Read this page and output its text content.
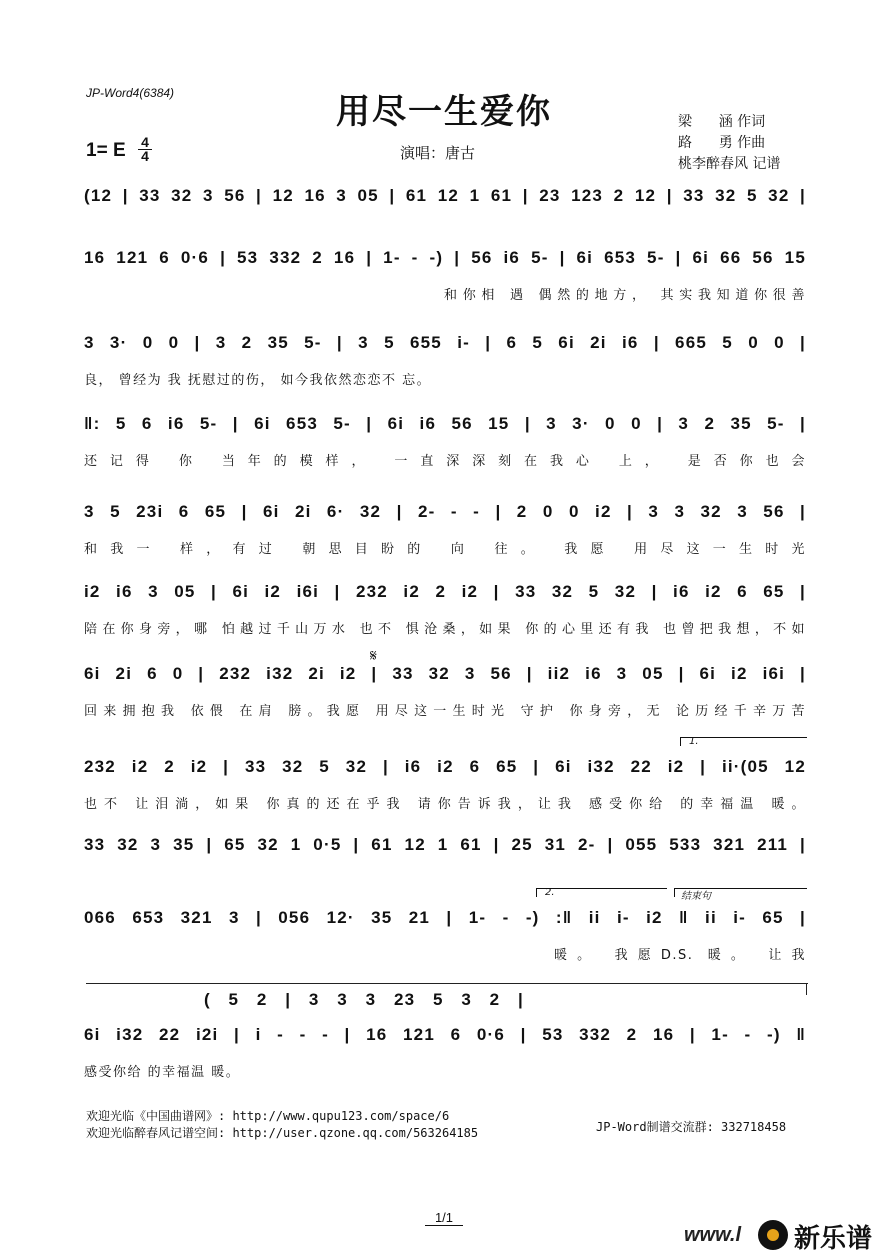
JP-Word4(6384)	用尽一生爱你
1= E 4
4	演唱：唐古
梁      涵 作词
路      勇 作曲
桃李醉春风 记谱
(12 | 33 32 3 56 | 12 16 3 05 | 61 12 1 61 | 23 123 2 12 | 33 32 5 32 |
16 121 6 0·6 | 53 332 2 16 | 1- - -) | 56 i6 5- | 6i 653 5- | 6i 66 56 15
和你相 遇 偶然的地方， 其实我知道你很善
3 3· 0 0 | 3 2 35 5- | 3 5 655 i- | 6 5 6i 2i i6 | 665 5 0 0 |
良， 曾经为 我 抚慰过的伤， 如今我依然恋恋不 忘。
‖: 5 6 i6 5- | 6i 653 5- | 6i i6 56 15 | 3 3· 0 0 | 3 2 35 5- |
还记得 你 当年的模样， 一直深深刻在我心 上， 是否你也会
3 5 23i 6 65 | 6i 2i 6· 32 | 2- - - | 2 0 0 i2 | 3 3 32 3 56 |
和我一 样，有过 朝思目盼的 向 往。 我愿 用尽这一生时光
i2 i6 3 05 | 6i i2 i6i | 232 i2 2 i2 | 33 32 5 32 | i6 i2 6 65 |
陪在你身旁，哪 怕越过千山万水 也不 惧沧桑，如果 你的心里还有我 也曾把我想，不如
𝄋
6i 2i 6 0 | 232 i32 2i i2 | 33 32 3 56 | ii2 i6 3 05 | 6i i2 i6i |
回来拥抱我 依偎 在肩 膀。我愿 用尽这一生时光 守护 你身旁，无 论历经千辛万苦
1.
232 i2 2 i2 | 33 32 5 32 | i6 i2 6 65 | 6i i32 22 i2 | ii·(05 12
也不 让泪淌，如果 你真的还在乎我 请你告诉我，让我 感受你给 的幸福温 暖。
33 32 3 35 | 65 32 1 0·5 | 61 12 1 61 | 25 31 2- | 055 533 321 211 |
2.	结束句
066 653 321 3 | 056 12· 35 21 | 1- - -) :‖ ii i- i2 ‖ ii i- 65 |
暖。 我愿D.S. 暖。 让我
( 5 2 | 3 3 3 23 5 3 2 |
6i i32 22 i2i | i - - - | 16 121 6 0·6 | 53 332 2 16 | 1- - -) ‖
感受你给 的幸福温 暖。
欢迎光临《中国曲谱网》: http://www.qupu123.com/space/6
欢迎光临醉春风记谱空间: http://user.qzone.qq.com/563264185	JP-Word制谱交流群: 332718458
1/1
www.l 新乐谱
